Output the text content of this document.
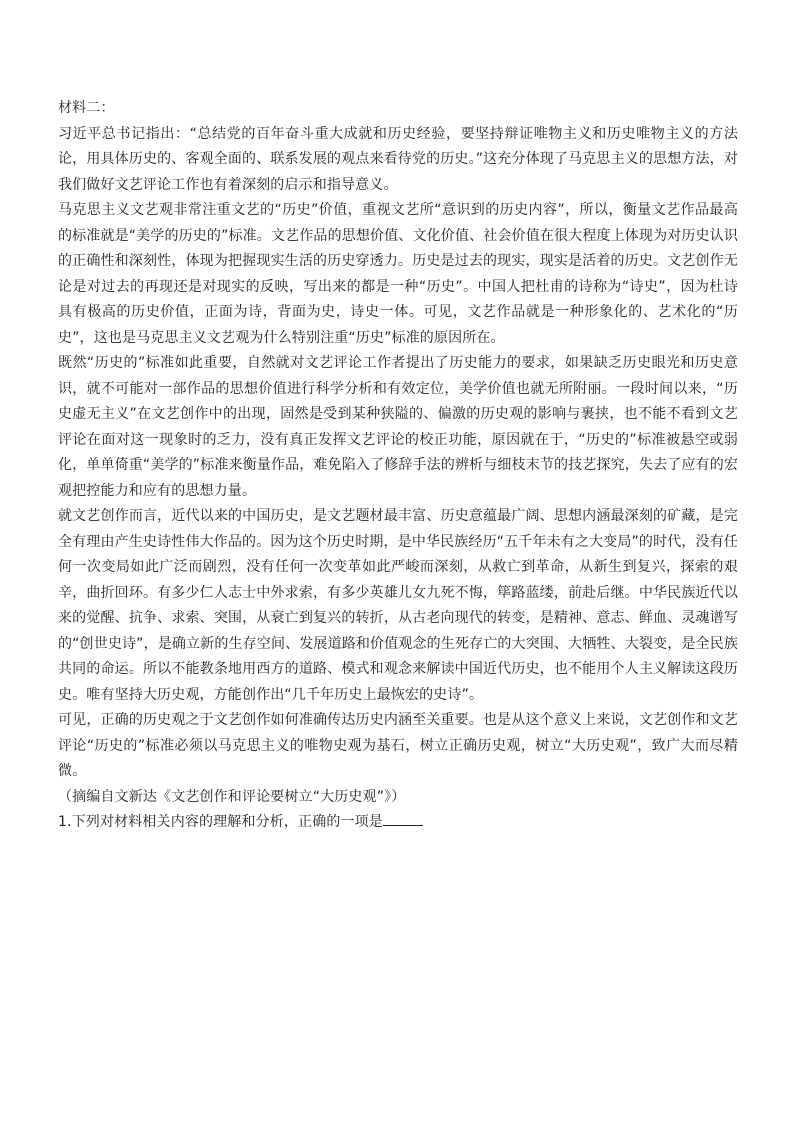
材料二：

习近平总书记指出：“总结党的百年奋斗重大成就和历史经验，要坚持辩证唯物主义和历史唯物主义的方法论，用具体历史的、客观全面的、联系发展的观点来看待党的历史。”这充分体现了马克思主义的思想方法，对我们做好文艺评论工作也有着深刻的启示和指导意义。

马克思主义文艺观非常注重文艺的“历史”价值，重视文艺所“意识到的历史内容”，所以，衡量文艺作品最高的标准就是“美学的历史的”标准。文艺作品的思想价值、文化价值、社会价值在很大程度上体现为对历史认识的正确性和深刻性，体现为把握现实生活的历史穿透力。历史是过去的现实，现实是活着的历史。文艺创作无论是对过去的再现还是对现实的反映，写出来的都是一种“历史”。中国人把杜甫的诗称为“诗史”，因为杜诗具有极高的历史价值，正面为诗，背面为史，诗史一体。可见，文艺作品就是一种形象化的、艺术化的“历史”，这也是马克思主义文艺观为什么特别注重“历史”标准的原因所在。

既然“历史的”标准如此重要，自然就对文艺评论工作者提出了历史能力的要求，如果缺乏历史眼光和历史意识，就不可能对一部作品的思想价值进行科学分析和有效定位，美学价值也就无所附丽。一段时间以来，“历史虚无主义”在文艺创作中的出现，固然是受到某种狭隘的、偏激的历史观的影响与裹挟，也不能不看到文艺评论在面对这一现象时的乏力，没有真正发挥文艺评论的校正功能，原因就在于，“历史的”标准被悬空或弱化，单单倚重“美学的”标准来衡量作品，难免陷入了修辞手法的辨析与细枝末节的技艺探究，失去了应有的宏观把控能力和应有的思想力量。

就文艺创作而言，近代以来的中国历史，是文艺题材最丰富、历史意蕴最广阔、思想内涵最深刻的矿藏，是完全有理由产生史诗性伟大作品的。因为这个历史时期，是中华民族经历“五千年未有之大变局”的时代，没有任何一次变局如此广泛而剧烈，没有任何一次变革如此严峻而深刻，从救亡到革命，从新生到复兴，探索的艰辛，曲折回环。有多少仁人志士中外求索，有多少英雄儿女九死不悔，筚路蓝缕，前赴后继。中华民族近代以来的觉醒、抗争、求索、突围，从衰亡到复兴的转折，从古老向现代的转变，是精神、意志、鲜血、灵魂谱写的“创世史诗”，是确立新的生存空间、发展道路和价值观念的生死存亡的大突围、大牺牲、大裂变，是全民族共同的命运。所以不能教条地用西方的道路、模式和观念来解读中国近代历史，也不能用个人主义解读这段历史。唯有坚持大历史观，方能创作出“几千年历史上最恢宏的史诗”。

可见，正确的历史观之于文艺创作如何准确传达历史内涵至关重要。也是从这个意义上来说，文艺创作和文艺评论“历史的”标准必须以马克思主义的唯物史观为基石，树立正确历史观，树立“大历史观”，致广大而尽精微。

（摘编自文新达《文艺创作和评论要树立“大历史观”》）

1.下列对材料相关内容的理解和分析，正确的一项是
